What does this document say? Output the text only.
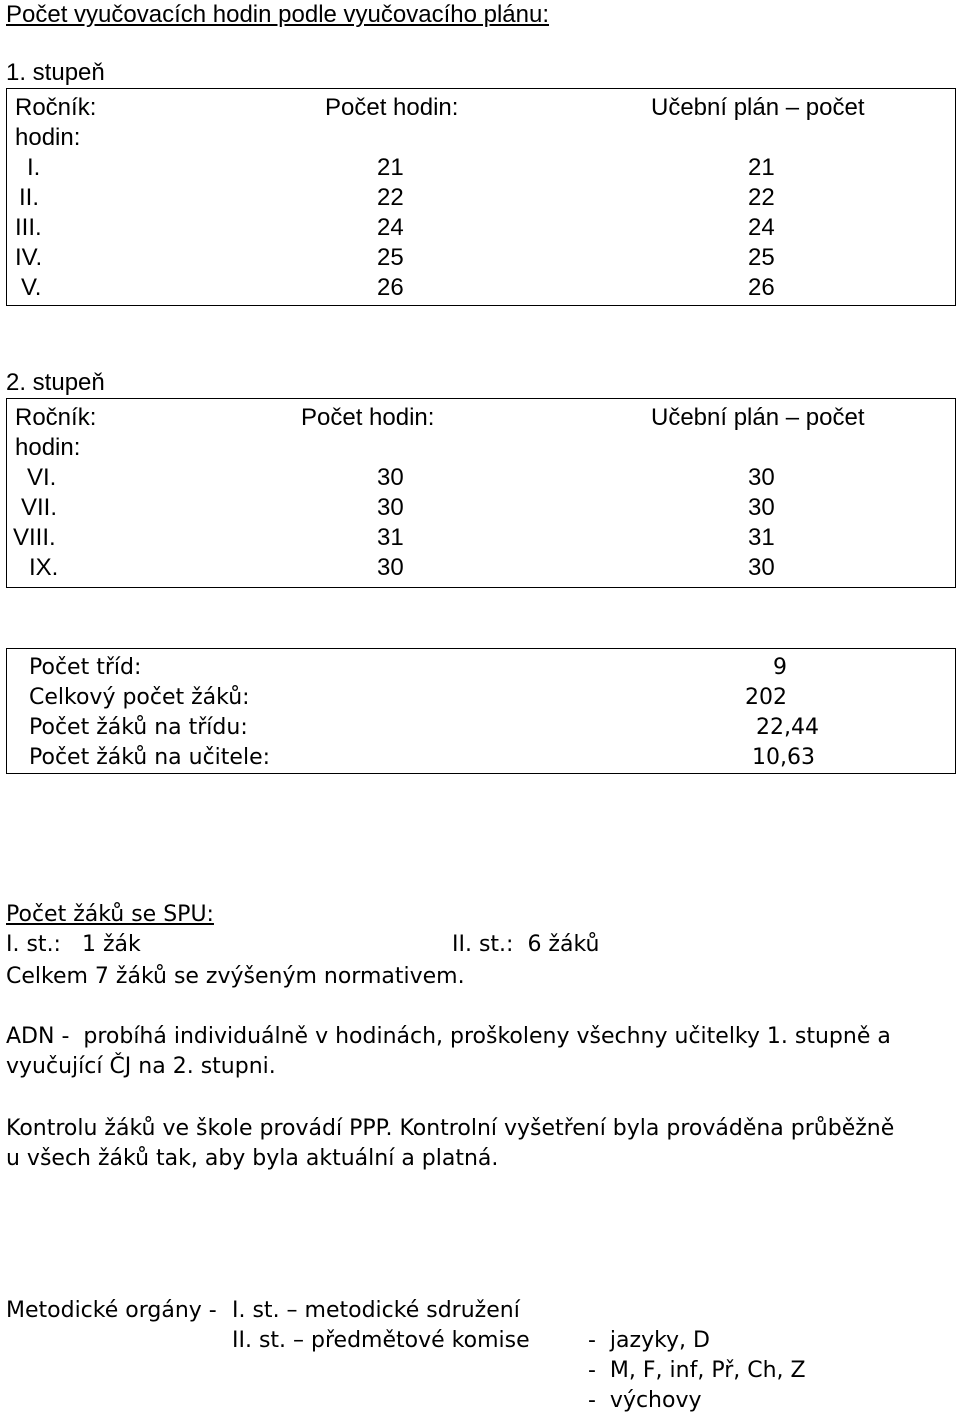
Počet vyučovacích hodin podle vyučovacího plánu:
1. stupeň
Ročník:	Počet hodin:	Učební plán – počet
hodin:
I.	21	21
II.	22	22
III.	24	24
IV.	25	25
V.	26	26
2. stupeň
Ročník:	Počet hodin:	Učební plán – počet
hodin:
VI.	30	30
VII.	30	30
VIII.	31	31
IX.	30	30
Počet tříd:	9
Celkový počet žáků:	202
Počet žáků na třídu:	22,44
Počet žáků na učitele:	10,63
Počet žáků se SPU:
I. st.:   1 žák	II. st.:  6 žáků
Celkem 7 žáků se zvýšeným normativem.
ADN -  probíhá individuálně v hodinách, proškoleny všechny učitelky 1. stupně a
vyučující ČJ na 2. stupni.
Kontrolu žáků ve škole provádí PPP. Kontrolní vyšetření byla prováděna průběžně
u všech žáků tak, aby byla aktuální a platná.
Metodické orgány - I. st. – metodické sdružení
II. st. – předmětové komise	-  jazyky, D
-  M, F, inf, Př, Ch, Z
-  výchovy
